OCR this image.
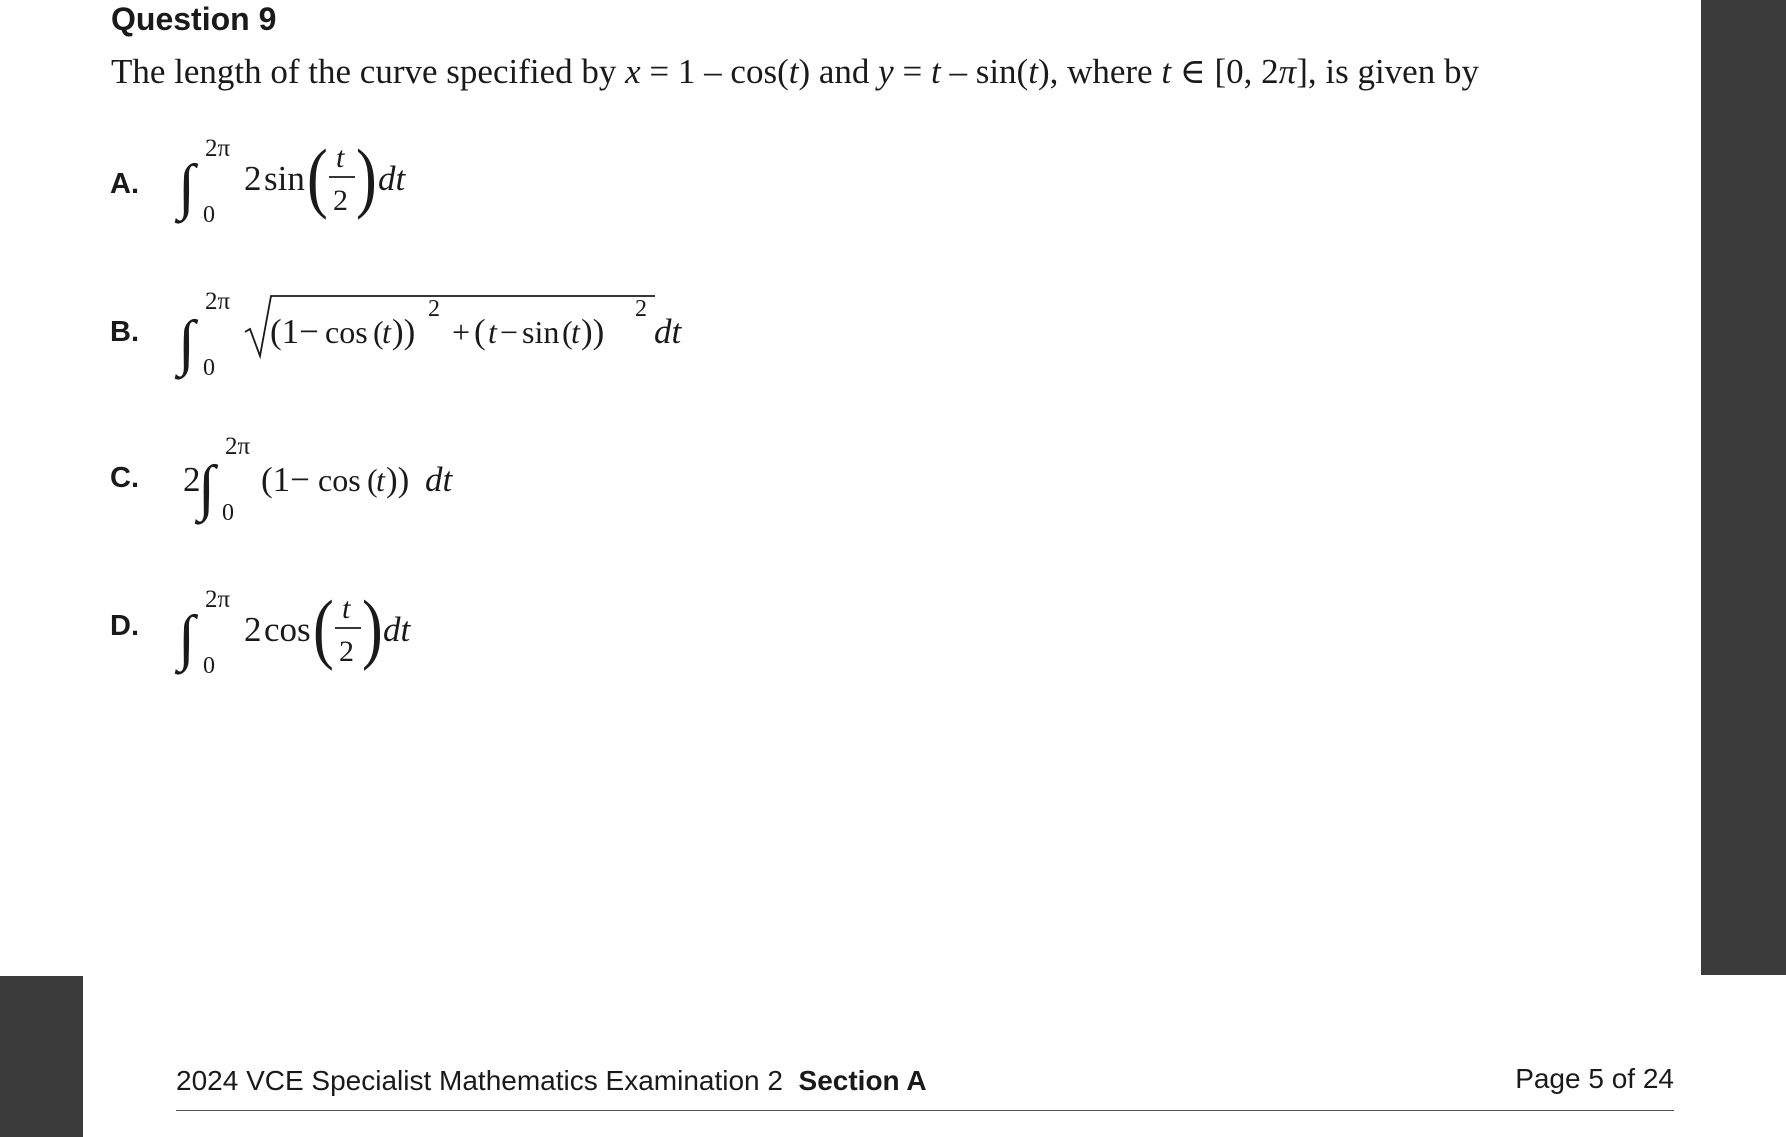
Question 9
The length of the curve specified by x = 1 – cos(t) and y = t – sin(t), where t ∈ [0, 2π], is given by
A. ∫
2π
0
2 sin ( t
2 ) dt
B. ∫
2π
0
(1− cos (
t ))
2
+ ( t − sin (
t ))
2
dt
C. 2
∫
2π
0
(1− cos (
t )) dt
D. ∫
2π
0
2 cos ( t
2 ) dt
2024 VCE Specialist Mathematics Examination 2 Section A	Page 5 of 24
